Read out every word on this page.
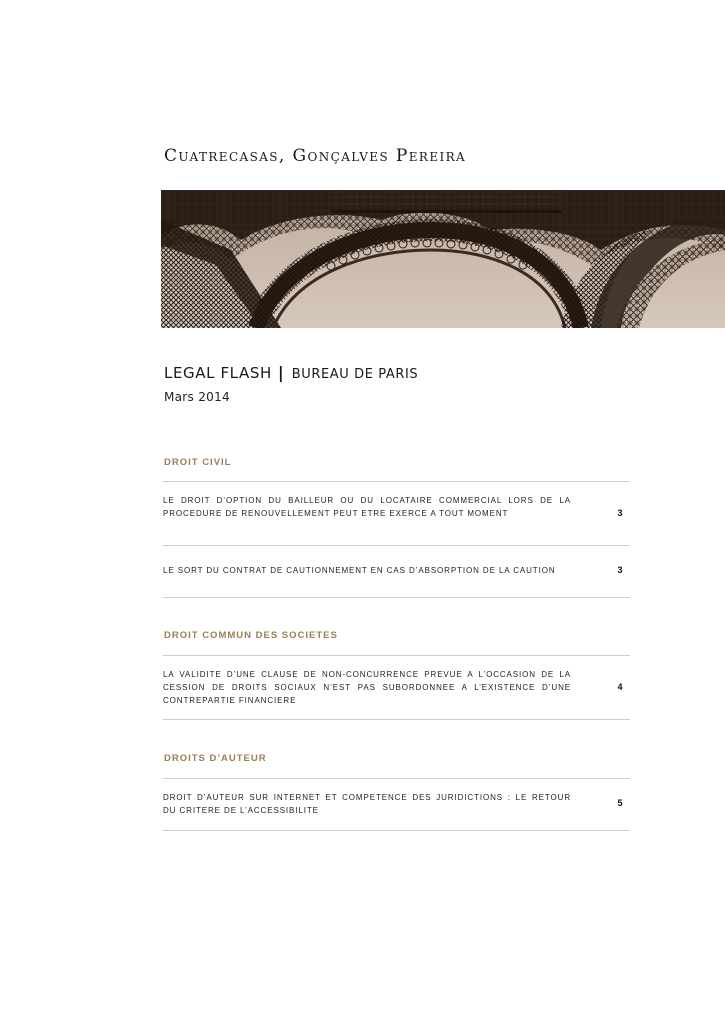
Cuatrecasas, Gonçalves Pereira
LEGAL FLASH | BUREAU DE PARIS
Mars 2014
DROIT CIVIL
LE DROIT D’OPTION DU BAILLEUR OU DU LOCATAIRE COMMERCIAL LORS DE LA PROCEDURE DE RENOUVELLEMENT PEUT ETRE EXERCE A TOUT MOMENT	3
LE SORT DU CONTRAT DE CAUTIONNEMENT EN CAS D’ABSORPTION DE LA CAUTION	3
DROIT COMMUN DES SOCIETES
LA VALIDITE D’UNE CLAUSE DE NON-CONCURRENCE PREVUE A L’OCCASION DE LA CESSION DE DROITS SOCIAUX N’EST PAS SUBORDONNEE A L’EXISTENCE D’UNE CONTREPARTIE FINANCIERE
4
DROITS D’AUTEUR
DROIT D’AUTEUR SUR INTERNET ET COMPETENCE DES JURIDICTIONS : LE RETOUR DU CRITERE DE L’ACCESSIBILITE
5
